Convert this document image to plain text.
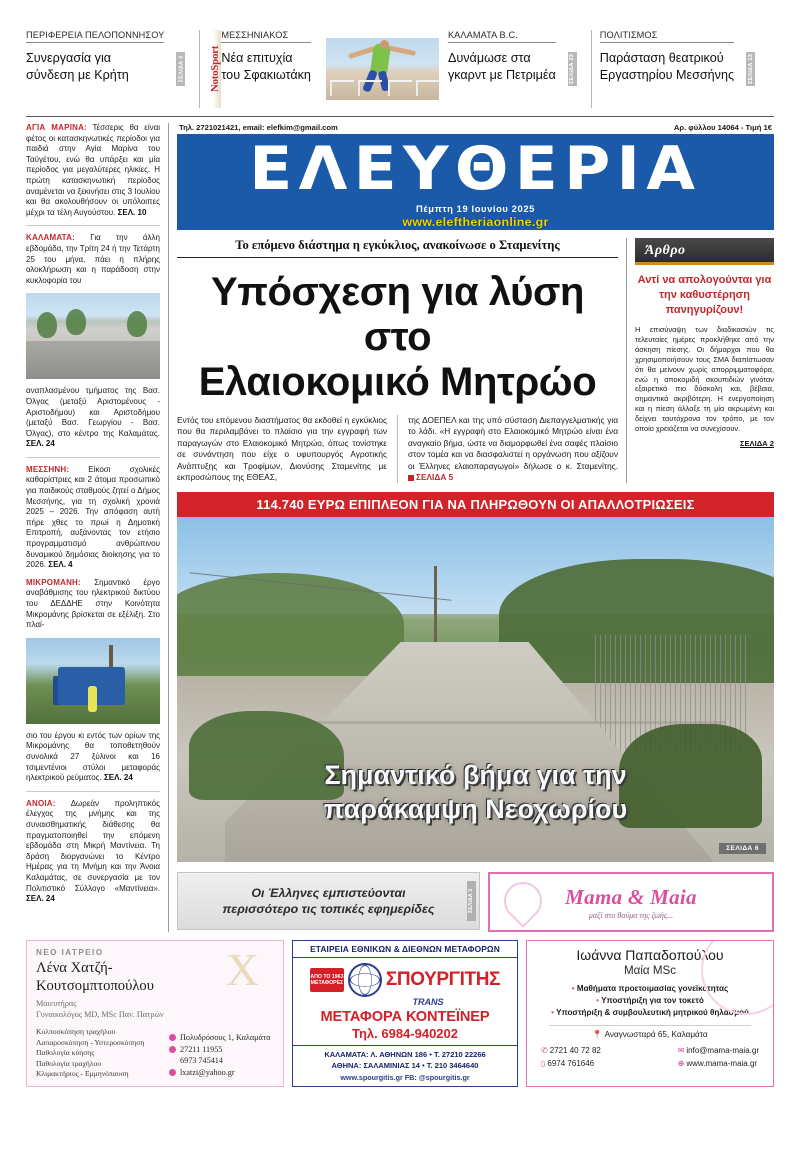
ΠΕΡΙΦΕΡΕΙΑ ΠΕΛΟΠΟΝΝΗΣΟΥ
Συνεργασία για
σύνδεση με Κρήτη	ΣΕΛΙΔΑ 3 NotoSport
ΜΕΣΣΗΝΙΑΚΟΣ
Νέα επιτυχία
του Σφακιωτάκη
ΚΑΛΑΜΑΤΑ Β.C.
Δυνάμωσε στα
γκαρντ με Πετριμέα ΣΕΛΙΔΑ 23
ΠΟΛΙΤΙΣΜΟΣ
Παράσταση θεατρικού
Εργαστηρίου Μεσσήνης ΣΕΛΙΔΑ 13
ΑΓΙΑ ΜΑΡΙΝΑ: Τέσσερις θα είναι φέτος οι κατασκηνωτικές περίοδοι για παιδιά στην Αγία Μαρίνα του Ταϋγέτου, ενώ θα υπάρξει και μία περίοδος για μεγαλύτερες ηλικίες. Η πρώτη κατασκηνωτική περίοδος αναμένεται να ξεκινήσει στις 3 Ιουλίου και θα ακολουθήσουν οι υπόλοιπες μέχρι τα τέλη Αυγούστου. ΣΕΛ. 10
ΚΑΛΑΜΑΤΑ: Για την άλλη εβδομάδα, την Τρίτη 24 ή την Τετάρτη 25 του μήνα, πάει η πλήρης ολοκλήρωση και η παράδοση στην κυκλοφορία του
αναπλασμένου τμήματος της Βασ. Όλγας (μεταξύ Αριστομένους - Αριστοδήμου) και Αριστοδήμου (μεταξύ Βασ. Γεωργίου - Βασ. Όλγας), στο κέντρο της Καλαμάτας. ΣΕΛ. 24
ΜΕΣΣΗΝΗ: Είκοσι σχολικές καθαρίστριες και 2 άτομα προσωπικό για παιδικούς σταθμούς ζητεί ο Δήμος Μεσσήνης, για τη σχολική χρονιά 2025 – 2026. Την απόφαση αυτή πήρε χθες το πρωί η Δημοτική Επιτροπή, αυξάνοντας τον ετήσιο προγραμματισμό ανθρώπινου δυναμικού δημόσιας διοίκησης για το 2026. ΣΕΛ. 4
ΜΙΚΡΟΜΑΝΗ: Σημαντικό έργο αναβάθμισης του ηλεκτρικού δικτύου του ΔΕΔΔΗΕ στην Κοινότητα Μικρομάνης βρίσκεται σε εξέλιξη. Στο πλαί-
σιο του έργου κι εντός των ορίων της Μικρομάνης θα τοποθετηθούν συνολικά 27 ξύλινοι και 16 τσιμεντένιοι στύλοι μεταφοράς ηλεκτρικού ρεύματος. ΣΕΛ. 24
ΑΝΟΙΑ: Δωρεάν προληπτικός έλεγχος της μνήμης και της συναισθηματικής διάθεσης θα πραγματοποιηθεί την επόμενη εβδομάδα στη Μικρή Μαντίνεια. Τη δράση διοργανώνει το Κέντρο Ημέρας για τη Μνήμη και την Άνοια Καλαμάτας, σε συνεργασία με τον Πολιτιστικό Σύλλογο «Μαντίνεια». ΣΕΛ. 24
Τηλ. 2721021421, email: elefkim@gmail.com	Αρ. φύλλου 14064 - Τιμή 1€
ΕΛΕΥΘΕΡΙΑ
Πέμπτη 19 Ιουνίου 2025
www.eleftheriaonline.gr
Το επόμενο διάστημα η εγκύκλιος, ανακοίνωσε ο Σταμενίτης
Υπόσχεση για λύση στο
Ελαιοκομικό Μητρώο
Εντός του επόμενου διαστήματος θα εκδοθεί η εγκύκλιος που θα περιλαμβάνει το πλαίσιο για την εγγραφή των παραγωγών στο Ελαιοκομικό Μητρώο, όπως τονίστηκε σε συνάντηση που είχε ο υφυπουργός Αγροτικής Ανάπτυξης και Τροφίμων, Διονύσης Σταμενίτης με εκπροσώπους της ΕΘΕΑΣ,
της ΔΟΕΠΕΛ και της υπό σύσταση Διεπαγγελματικής για το λάδι. «Η εγγραφή στο Ελαιοκομικό Μητρώο είναι ένα αναγκαίο βήμα, ώστε να διαμορφωθεί ένα σαφές πλαίσιο στον τομέα και να διασφαλιστεί η οργάνωση που αξίζουν οι Έλληνες ελαιοπαραγωγοί» δήλωσε ο κ. Σταμενίτης. ΣΕΛΙΔΑ 5
Άρθρο
Αντί να απολογούνται για την καθυστέρηση πανηγυρίζουν!
Η επισύναψη των διαδικασιών τις τελευταίες ημέρες προκλήθηκε από την άσκηση πίεσης. Οι δήμαρχοι που θα χρησιμοποιήσουν τους ΣΜΑ διαπίστωσαν ότι θα μείνουν χωρίς απορριμματοφόρα, ενώ η αποκομιδή σκουπιδιών γινόταν εξαιρετικά πιο δύσκολη και, βέβαια, σημαντικά ακριβότερη. Η ενεργοποίηση και η πίεση άλλαξε τη μία ακρωμένη και δείχνει ταυτόχρονα τον τρόπο, με τον οποίο χρειάζεται να συνεχίσουν.
ΣΕΛΙΔΑ 2
114.740 ΕΥΡΩ ΕΠΙΠΛΕΟΝ ΓΙΑ ΝΑ ΠΛΗΡΩΘΟΥΝ ΟΙ ΑΠΑΛΛΟΤΡΙΩΣΕΙΣ
Σημαντικό βήμα για την
παράκαμψη Νεοχωρίου
ΣΕΛΙΔΑ 6

Οι Έλληνες εμπιστεύονται
περισσότερο τις τοπικές εφημερίδες	ΣΕΛΙΔΑ 3	Mama & Maia
μαζί στο θαύμα της ζωής...
Χ
ΝΕΟ ΙΑΤΡΕΙΟ
Λένα Χατζή-
Κουτσομπτοπούλου
Μαιευτήρας
Γυναικολόγος MD, MSc Παν. Πατρών
Κολποσκόπηση τραχήλου
Λαπαροσκόπηση - Υστεροσκόπηση
Παθολογία κύησης
Παθολογία τραχήλου
Κλιμακτήριος - Εμμηνόπαυση
Πολυδρόσους 1, Καλαμάτα
27211 11955
6973 745414
lxatzi@yahoo.gr
ΕΤΑΙΡΕΙΑ ΕΘΝΙΚΩΝ & ΔΙΕΘΝΩΝ ΜΕΤΑΦΟΡΩΝ
ΑΠΟ ΤΟ 1963 ΜΕΤΑΦΟΡΕΣ ΣΠΟΥΡΓΙΤΗΣ
TRANS
ΜΕΤΑΦΟΡΑ ΚΟΝΤΕΪΝΕΡ
Τηλ. 6984-940202
ΚΑΛΑΜΑΤΑ: Λ. ΑΘΗΝΩΝ 186 • Τ. 27210 22266
ΑΘΗΝΑ: ΣΑΛΑΜΙΝΙΑΣ 14 • Τ. 210 3464640
www.spourgitis.gr FB: @spourgitis.gr
Ιωάννα Παπαδοπούλου
Μαία MSc
• Μαθήματα προετοιμασίας γονεϊκότητας
• Υποστήριξη για τον τοκετό
• Υποστήριξη & συμβουλευτική μητρικού θηλασμού
📍 Αναγνωσταρά 65, Καλαμάτα
✆ 2721 40 72 82
▯ 6974 761646
✉ info@mama-maia.gr
⊕ www.mama-maia.gr
